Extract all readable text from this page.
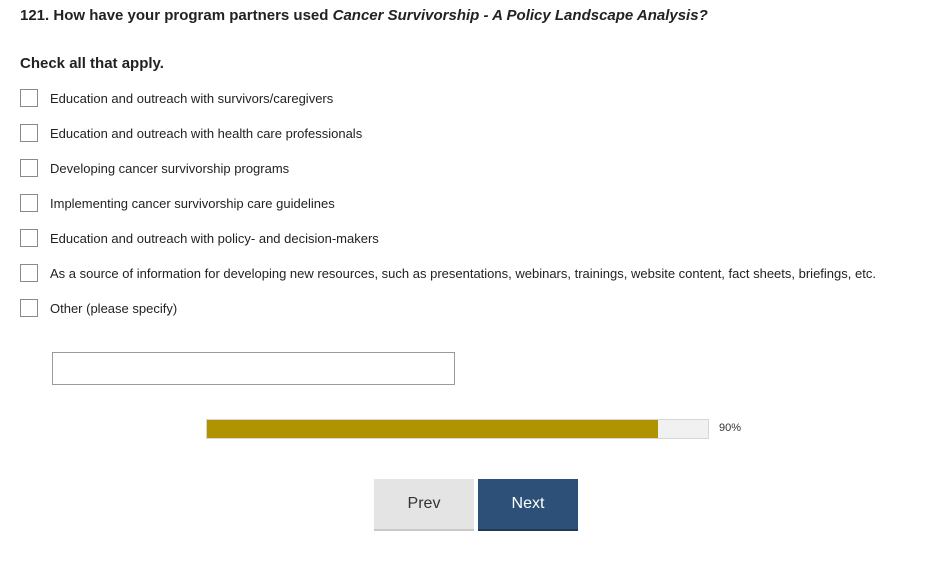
121. How have your program partners used Cancer Survivorship - A Policy Landscape Analysis?
Check all that apply.
Education and outreach with survivors/caregivers
Education and outreach with health care professionals
Developing cancer survivorship programs
Implementing cancer survivorship care guidelines
Education and outreach with policy- and decision-makers
As a source of information for developing new resources, such as presentations, webinars, trainings, website content, fact sheets, briefings, etc.
Other (please specify)
90%
Prev	Next
